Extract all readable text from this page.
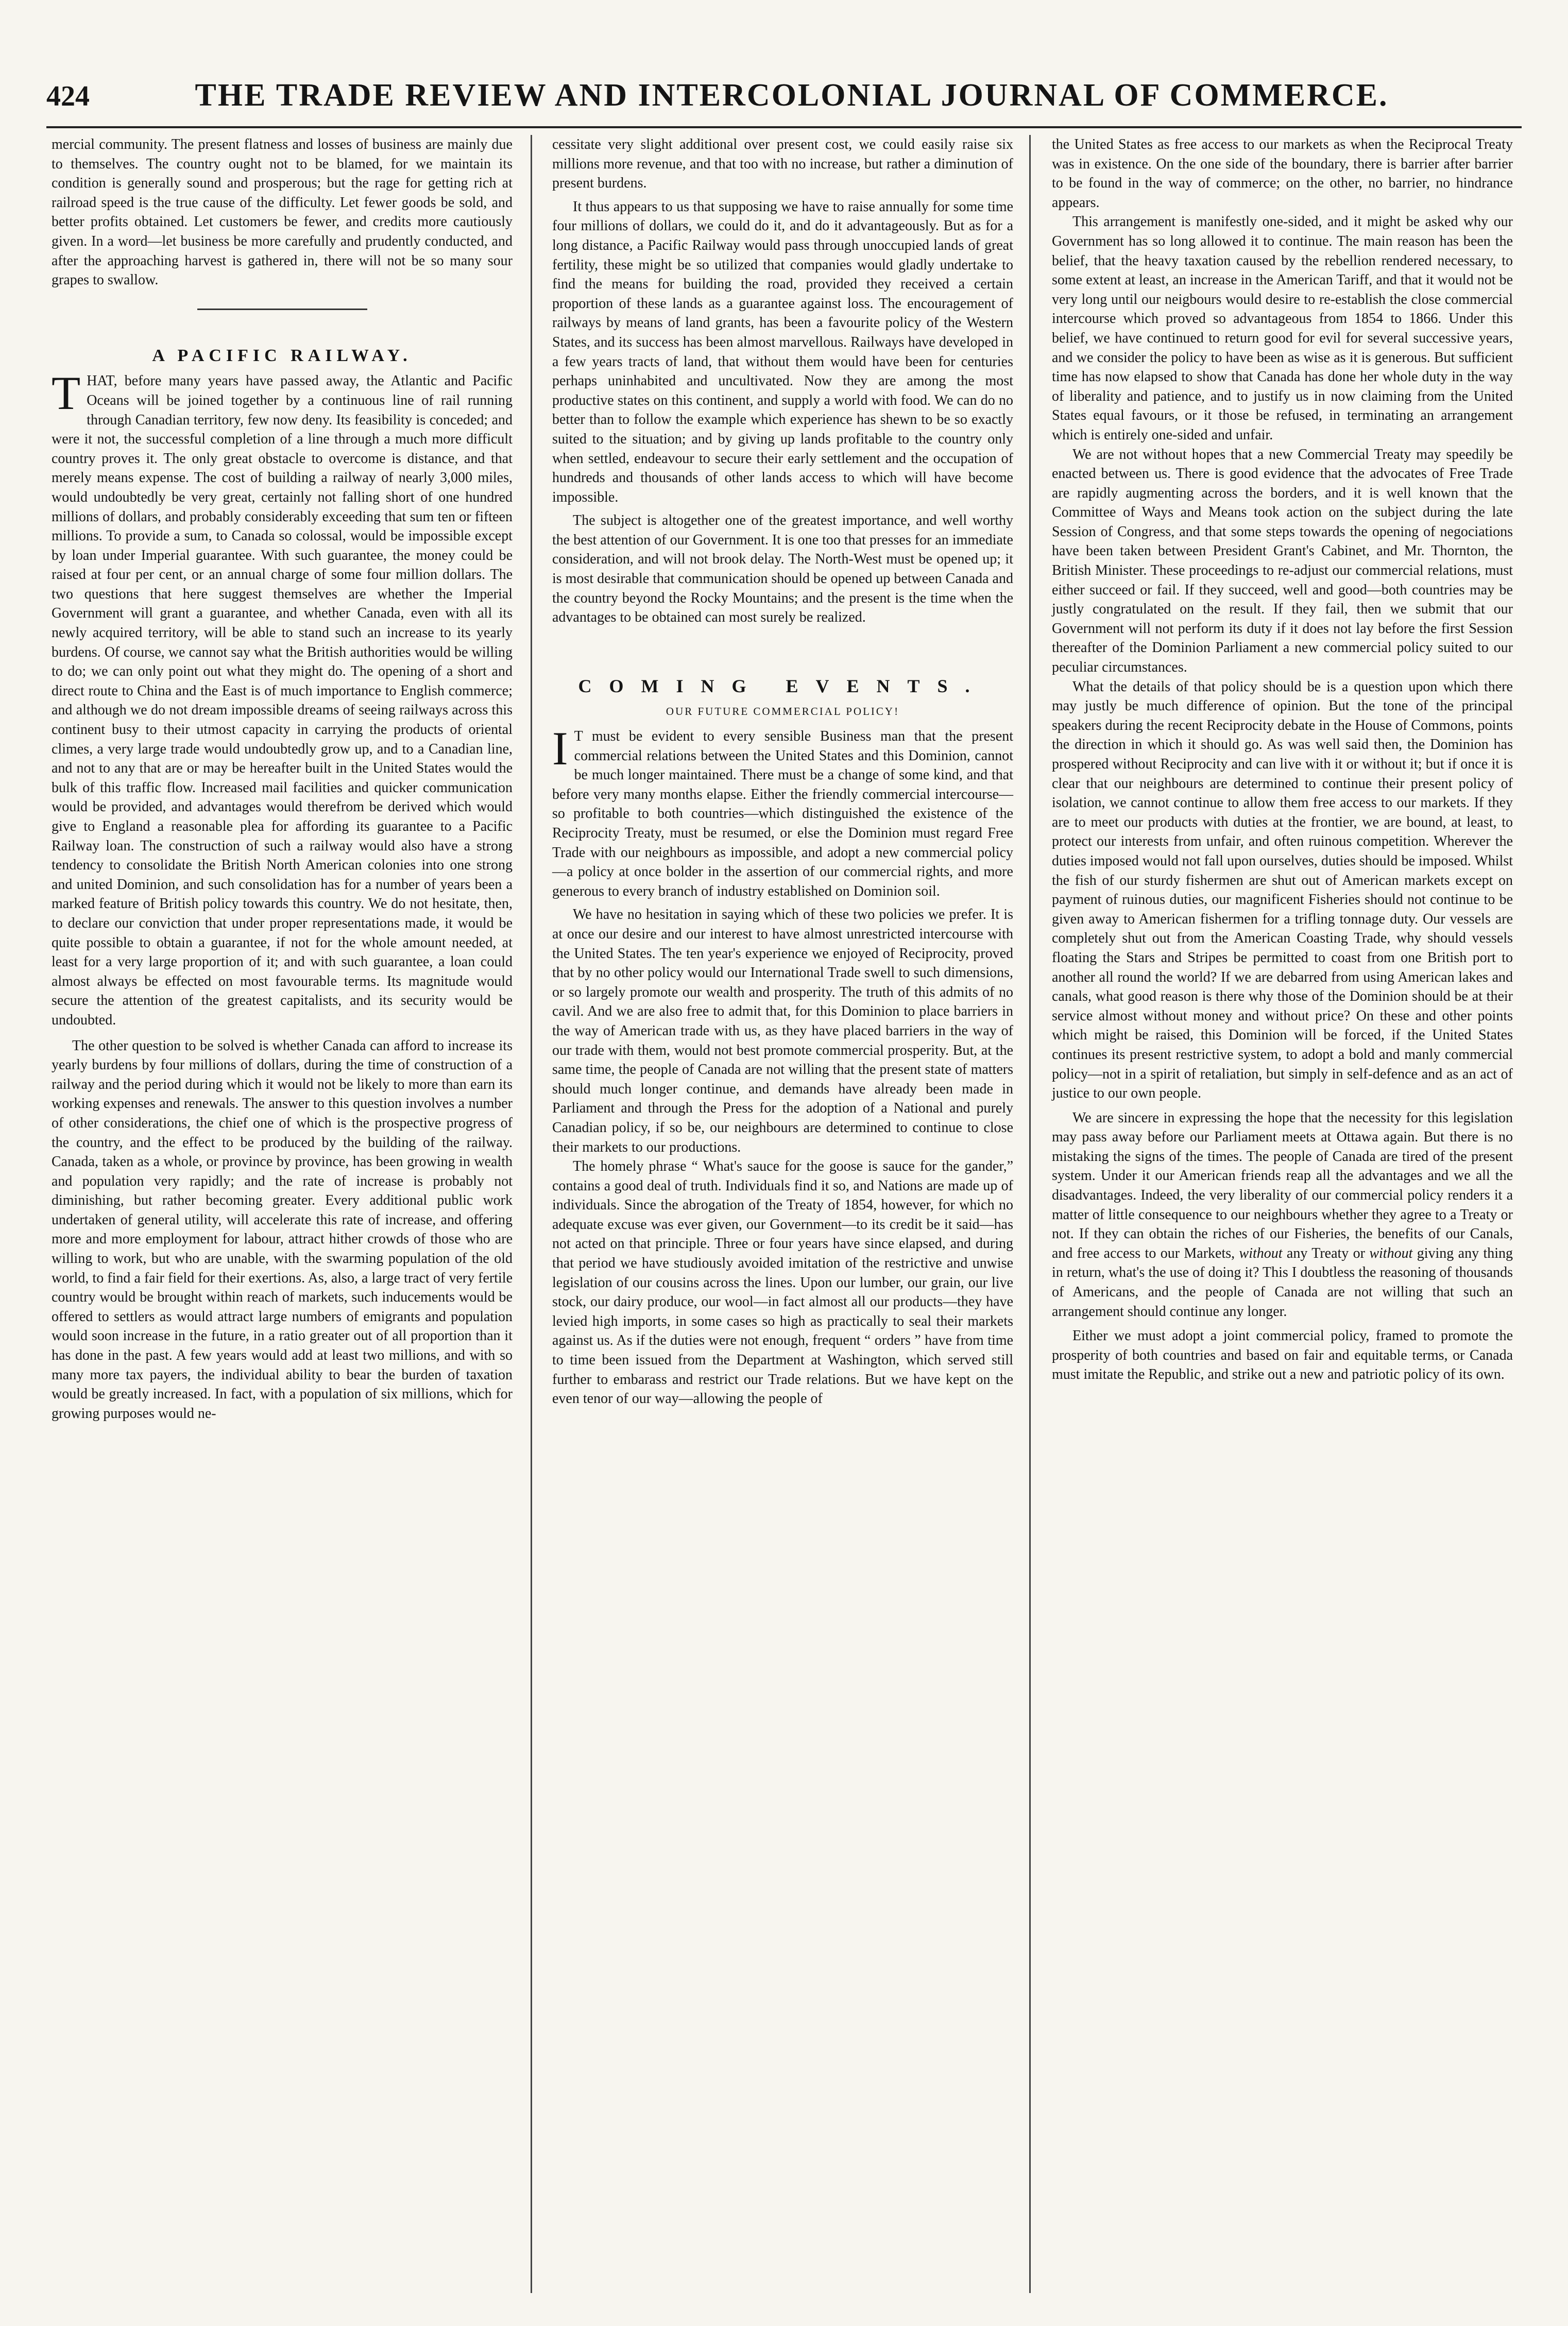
424	THE TRADE REVIEW AND INTERCOLONIAL JOURNAL OF COMMERCE.

mercial community. The present flatness and losses of business are mainly due to themselves. The country ought not to be blamed, for we maintain its condition is generally sound and prosperous; but the rage for getting rich at railroad speed is the true cause of the difficulty. Let fewer goods be sold, and better profits obtained. Let customers be fewer, and credits more cautiously given. In a word—let business be more carefully and prudently conducted, and after the approaching harvest is gathered in, there will not be so many sour grapes to swallow.

A PACIFIC RAILWAY.

THAT, before many years have passed away, the Atlantic and Pacific Oceans will be joined together by a continuous line of rail running through Canadian territory, few now deny. Its feasibility is conceded; and were it not, the successful completion of a line through a much more difficult country proves it. The only great obstacle to overcome is distance, and that merely means expense. The cost of building a railway of nearly 3,000 miles, would undoubtedly be very great, certainly not falling short of one hundred millions of dollars, and probably considerably exceeding that sum ten or fifteen millions. To provide a sum, to Canada so colossal, would be impossible except by loan under Imperial guarantee. With such guarantee, the money could be raised at four per cent, or an annual charge of some four million dollars. The two questions that here suggest themselves are whether the Imperial Government will grant a guarantee, and whether Canada, even with all its newly acquired territory, will be able to stand such an increase to its yearly burdens. Of course, we cannot say what the British authorities would be willing to do; we can only point out what they might do. The opening of a short and direct route to China and the East is of much importance to English commerce; and although we do not dream impossible dreams of seeing railways across this continent busy to their utmost capacity in carrying the products of oriental climes, a very large trade would undoubtedly grow up, and to a Canadian line, and not to any that are or may be hereafter built in the United States would the bulk of this traffic flow. Increased mail facilities and quicker communication would be provided, and advantages would therefrom be derived which would give to England a reasonable plea for affording its guarantee to a Pacific Railway loan. The construction of such a railway would also have a strong tendency to consolidate the British North American colonies into one strong and united Dominion, and such consolidation has for a number of years been a marked feature of British policy towards this country. We do not hesitate, then, to declare our conviction that under proper representations made, it would be quite possible to obtain a guarantee, if not for the whole amount needed, at least for a very large proportion of it; and with such guarantee, a loan could almost always be effected on most favourable terms. Its magnitude would secure the attention of the greatest capitalists, and its security would be undoubted.

The other question to be solved is whether Canada can afford to increase its yearly burdens by four millions of dollars, during the time of construction of a railway and the period during which it would not be likely to more than earn its working expenses and renewals. The answer to this question involves a number of other considerations, the chief one of which is the prospective progress of the country, and the effect to be produced by the building of the railway. Canada, taken as a whole, or province by province, has been growing in wealth and population very rapidly; and the rate of increase is probably not diminishing, but rather becoming greater. Every additional public work undertaken of general utility, will accelerate this rate of increase, and offering more and more employment for labour, attract hither crowds of those who are willing to work, but who are unable, with the swarming population of the old world, to find a fair field for their exertions. As, also, a large tract of very fertile country would be brought within reach of markets, such inducements would be offered to settlers as would attract large numbers of emigrants and population would soon increase in the future, in a ratio greater out of all proportion than it has done in the past. A few years would add at least two millions, and with so many more tax payers, the individual ability to bear the burden of taxation would be greatly increased. In fact, with a population of six millions, which for growing purposes would ne-

cessitate very slight additional over present cost, we could easily raise six millions more revenue, and that too with no increase, but rather a diminution of present burdens.

It thus appears to us that supposing we have to raise annually for some time four millions of dollars, we could do it, and do it advantageously. But as for a long distance, a Pacific Railway would pass through unoccupied lands of great fertility, these might be so utilized that companies would gladly undertake to find the means for building the road, provided they received a certain proportion of these lands as a guarantee against loss. The encouragement of railways by means of land grants, has been a favourite policy of the Western States, and its success has been almost marvellous. Railways have developed in a few years tracts of land, that without them would have been for centuries perhaps uninhabited and uncultivated. Now they are among the most productive states on this continent, and supply a world with food. We can do no better than to follow the example which experience has shewn to be so exactly suited to the situation; and by giving up lands profitable to the country only when settled, endeavour to secure their early settlement and the occupation of hundreds and thousands of other lands access to which will have become impossible.

The subject is altogether one of the greatest importance, and well worthy the best attention of our Government. It is one too that presses for an immediate consideration, and will not brook delay. The North-West must be opened up; it is most desirable that communication should be opened up between Canada and the country beyond the Rocky Mountains; and the present is the time when the advantages to be obtained can most surely be realized.

COMING EVENTS.
OUR FUTURE COMMERCIAL POLICY!

I T must be evident to every sensible Business man that the present commercial relations between the United States and this Dominion, cannot be much longer maintained. There must be a change of some kind, and that before very many months elapse. Either the friendly commercial intercourse—so profitable to both countries—which distinguished the existence of the Reciprocity Treaty, must be resumed, or else the Dominion must regard Free Trade with our neighbours as impossible, and adopt a new commercial policy—a policy at once bolder in the assertion of our commercial rights, and more generous to every branch of industry established on Dominion soil.

We have no hesitation in saying which of these two policies we prefer. It is at once our desire and our interest to have almost unrestricted intercourse with the United States. The ten year's experience we enjoyed of Reciprocity, proved that by no other policy would our International Trade swell to such dimensions, or so largely promote our wealth and prosperity. The truth of this admits of no cavil. And we are also free to admit that, for this Dominion to place barriers in the way of American trade with us, as they have placed barriers in the way of our trade with them, would not best promote commercial prosperity. But, at the same time, the people of Canada are not willing that the present state of matters should much longer continue, and demands have already been made in Parliament and through the Press for the adoption of a National and purely Canadian policy, if so be, our neighbours are determined to continue to close their markets to our productions.

The homely phrase “ What's sauce for the goose is sauce for the gander,” contains a good deal of truth. Individuals find it so, and Nations are made up of individuals. Since the abrogation of the Treaty of 1854, however, for which no adequate excuse was ever given, our Government—to its credit be it said—has not acted on that principle. Three or four years have since elapsed, and during that period we have studiously avoided imitation of the restrictive and unwise legislation of our cousins across the lines. Upon our lumber, our grain, our live stock, our dairy produce, our wool—in fact almost all our products—they have levied high imports, in some cases so high as practically to seal their markets against us. As if the duties were not enough, frequent “ orders ” have from time to time been issued from the Department at Washington, which served still further to embarass and restrict our Trade relations. But we have kept on the even tenor of our way—allowing the people of

the United States as free access to our markets as when the Reciprocal Treaty was in existence. On the one side of the boundary, there is barrier after barrier to be found in the way of commerce; on the other, no barrier, no hindrance appears.

This arrangement is manifestly one-sided, and it might be asked why our Government has so long allowed it to continue. The main reason has been the belief, that the heavy taxation caused by the rebellion rendered necessary, to some extent at least, an increase in the American Tariff, and that it would not be very long until our neigbours would desire to re-establish the close commercial intercourse which proved so advantageous from 1854 to 1866. Under this belief, we have continued to return good for evil for several successive years, and we consider the policy to have been as wise as it is generous. But sufficient time has now elapsed to show that Canada has done her whole duty in the way of liberality and patience, and to justify us in now claiming from the United States equal favours, or it those be refused, in terminating an arrangement which is entirely one-sided and unfair.

We are not without hopes that a new Commercial Treaty may speedily be enacted between us. There is good evidence that the advocates of Free Trade are rapidly augmenting across the borders, and it is well known that the Committee of Ways and Means took action on the subject during the late Session of Congress, and that some steps towards the opening of negociations have been taken between President Grant's Cabinet, and Mr. Thornton, the British Minister. These proceedings to re-adjust our commercial relations, must either succeed or fail. If they succeed, well and good—both countries may be justly congratulated on the result. If they fail, then we submit that our Government will not perform its duty if it does not lay before the first Session thereafter of the Dominion Parliament a new commercial policy suited to our peculiar circumstances.

What the details of that policy should be is a question upon which there may justly be much difference of opinion. But the tone of the principal speakers during the recent Reciprocity debate in the House of Commons, points the direction in which it should go. As was well said then, the Dominion has prospered without Reciprocity and can live with it or without it; but if once it is clear that our neighbours are determined to continue their present policy of isolation, we cannot continue to allow them free access to our markets. If they are to meet our products with duties at the frontier, we are bound, at least, to protect our interests from unfair, and often ruinous competition. Wherever the duties imposed would not fall upon ourselves, duties should be imposed. Whilst the fish of our sturdy fishermen are shut out of American markets except on payment of ruinous duties, our magnificent Fisheries should not continue to be given away to American fishermen for a trifling tonnage duty. Our vessels are completely shut out from the American Coasting Trade, why should vessels floating the Stars and Stripes be permitted to coast from one British port to another all round the world? If we are debarred from using American lakes and canals, what good reason is there why those of the Dominion should be at their service almost without money and without price? On these and other points which might be raised, this Dominion will be forced, if the United States continues its present restrictive system, to adopt a bold and manly commercial policy—not in a spirit of retaliation, but simply in self-defence and as an act of justice to our own people.

We are sincere in expressing the hope that the necessity for this legislation may pass away before our Parliament meets at Ottawa again. But there is no mistaking the signs of the times. The people of Canada are tired of the present system. Under it our American friends reap all the advantages and we all the disadvantages. Indeed, the very liberality of our commercial policy renders it a matter of little consequence to our neighbours whether they agree to a Treaty or not. If they can obtain the riches of our Fisheries, the benefits of our Canals, and free access to our Markets, without any Treaty or without giving any thing in return, what's the use of doing it? This I doubtless the reasoning of thousands of Americans, and the people of Canada are not willing that such an arrangement should continue any longer.

Either we must adopt a joint commercial policy, framed to promote the prosperity of both countries and based on fair and equitable terms, or Canada must imitate the Republic, and strike out a new and patriotic policy of its own.
